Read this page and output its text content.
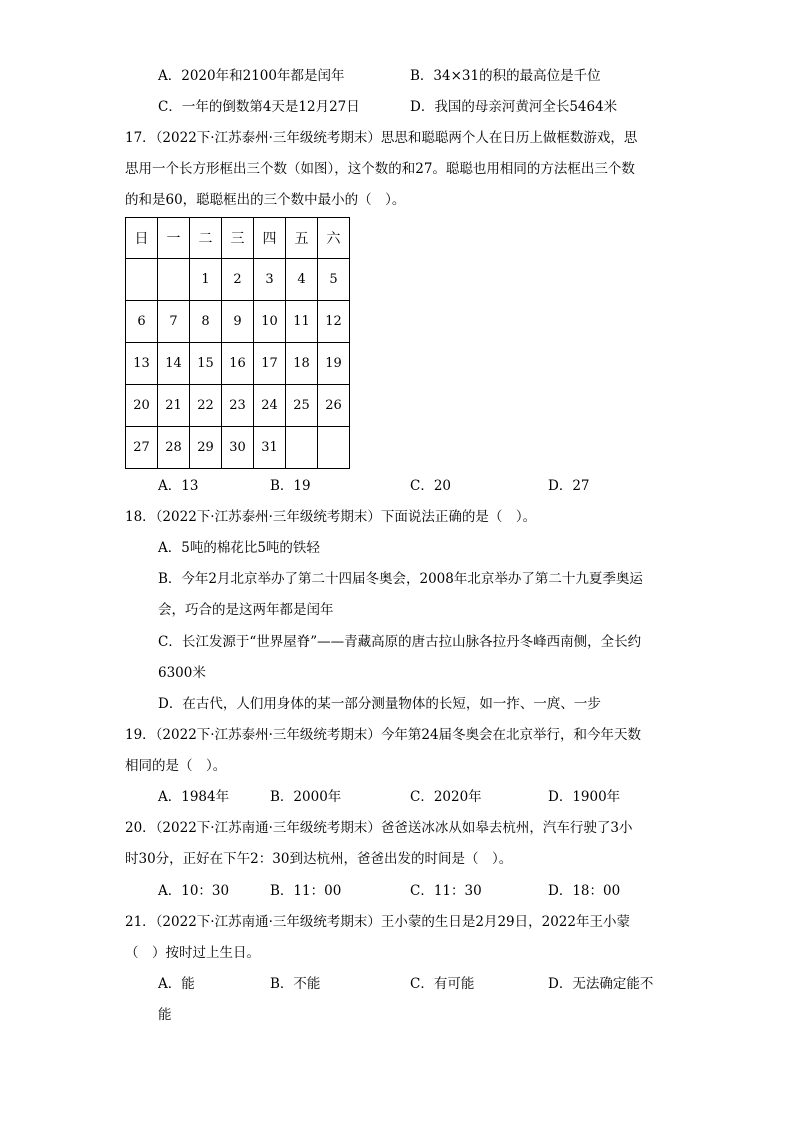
A．2020年和2100年都是闰年	B．34×31的积的最高位是千位
C．一年的倒数第4天是12月27日	D．我国的母亲河黄河全长5464米
17．（2022下·江苏泰州·三年级统考期末）思思和聪聪两个人在日历上做框数游戏，思
思用一个长方形框出三个数（如图），这个数的和27。聪聪也用相同的方法框出三个数
的和是60，聪聪框出的三个数中最小的（　）。
日	一	二	三	四	五	六
		1	2	3	4	5
6	7	8	9	10	11	12
13	14	15	16	17	18	19
20	21	22	23	24	25	26
27	28	29	30	31		
A．13	B．19	C．20	D．27
18．（2022下·江苏泰州·三年级统考期末）下面说法正确的是（　）。
A．5吨的棉花比5吨的铁轻
B．今年2月北京举办了第二十四届冬奥会，2008年北京举办了第二十九夏季奥运
会，巧合的是这两年都是闰年
C．长江发源于“世界屋脊”——青藏高原的唐古拉山脉各拉丹冬峰西南侧，全长约
6300米
D．在古代，人们用身体的某一部分测量物体的长短，如一拃、一庹、一步
19．（2022下·江苏泰州·三年级统考期末）今年第24届冬奥会在北京举行，和今年天数
相同的是（　）。
A．1984年	B．2000年	C．2020年	D．1900年
20．（2022下·江苏南通·三年级统考期末）爸爸送冰冰从如皋去杭州，汽车行驶了3小
时30分，正好在下午2：30到达杭州，爸爸出发的时间是（　）。
A．10：30	B．11：00	C．11：30	D．18：00
21．（2022下·江苏南通·三年级统考期末）王小蒙的生日是2月29日，2022年王小蒙
（　）按时过上生日。
A．能	B．不能	C．有可能	D．无法确定能不
能
